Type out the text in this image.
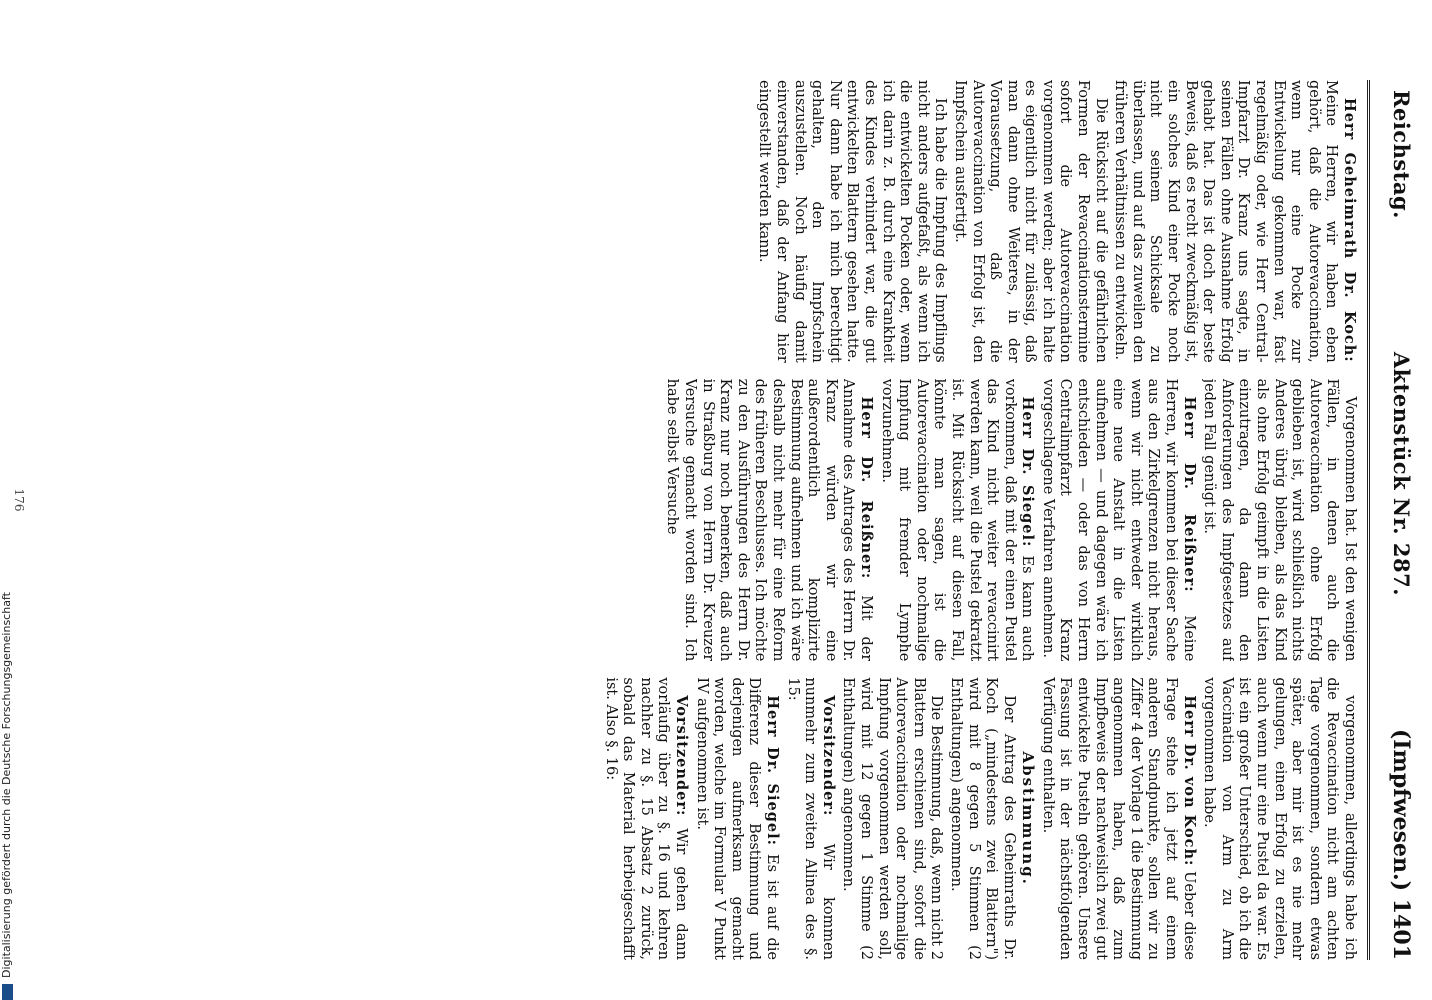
Digitalisierung gefördert durch die Deutsche Forschungsgemeinschaft
Reichstag.
Aktenstück Nr. 287.
(Impfwesen.) 1401

Herr Geheimrath Dr. Koch: Meine Herren, wir haben eben gehört, daß die Autorevaccination, wenn nur eine Pocke zur Entwickelung gekommen war, fast regelmäßig oder, wie Herr Central-Impfarzt Dr. Kranz uns sagte, in seinen Fällen ohne Ausnahme Erfolg gehabt hat. Das ist doch der beste Beweis, daß es recht zweckmäßig ist, ein solches Kind einer Pocke noch nicht seinem Schicksale zu überlassen, und auf das zuweilen den früheren Verhältnissen zu entwickeln.

Die Rücksicht auf die gefährlichen Formen der Revaccinationstermine sofort die Autorevaccination vorgenommen werden; aber ich halte es eigentlich nicht für zulässig, daß man dann ohne Weiteres, in der Voraussetzung, daß die Autorevaccination von Erfolg ist, den Impfschein ausfertigt.

Ich habe die Impfung des Impflings nicht anders aufgefaßt, als wenn ich die entwickelten Pocken oder, wenn ich darin z. B. durch eine Krankheit des Kindes verhindert war, die gut entwickelten Blattern gesehen hatte. Nur dann habe ich mich berechtigt gehalten, den Impfschein auszustellen. Noch häufig damit einverstanden, daß der Anfang hier eingestellt werden kann.

Vorgenommen hat. Ist den wenigen Fällen, in denen auch die Autorevaccination ohne Erfolg geblieben ist, wird schließlich nichts Anderes übrig bleiben, als das Kind als ohne Erfolg geimpft in die Listen einzutragen, da dann den Anforderungen des Impfgesetzes auf jeden Fall genügt ist.

Herr Dr. Reißner: Meine Herren, wir kommen bei dieser Sache aus den Zirkelgrenzen nicht heraus, wenn wir nicht entweder wirklich eine neue Anstalt in die Listen aufnehmen — und dagegen wäre ich entschieden — oder das von Herrn Centralimpfarzt Kranz vorgeschlagene Verfahren annehmen.

Herr Dr. Siegel: Es kann auch vorkommen, daß mit der einen Pustel das Kind nicht weiter revaccinirt werden kann, weil die Pustel gekratzt ist. Mit Rücksicht auf diesen Fall, könnte man sagen, ist die Autorevaccination oder nochmalige Impfung mit fremder Lymphe vorzunehmen.

Herr Dr. Reißner: Mit der Annahme des Antrages des Herrn Dr. Kranz würden wir eine außerordentlich komplizirte Bestimmung aufnehmen und ich wäre deshalb nicht mehr für eine Reform des früheren Beschlusses. Ich möchte zu den Ausführungen des Herrn Dr. Kranz nur noch bemerken, daß auch in Straßburg von Herrn Dr. Kreuzer Versuche gemacht worden sind. Ich habe selbst Versuche

vorgenommen, allerdings habe ich die Revaccination nicht am achten Tage vorgenommen, sondern etwas später, aber mir ist es nie mehr gelungen, einen Erfolg zu erzielen, auch wenn nur eine Pustel da war. Es ist ein großer Unterschied, ob ich die Vaccination von Arm zu Arm vorgenommen habe.

Herr Dr. von Koch: Ueber diese Frage stehe ich jetzt auf einem anderen Standpunkte, sollen wir zu Ziffer 4 der Vorlage 1 die Bestimmung angenommen haben, daß zum Impfbeweis der nachweislich zwei gut entwickelte Pusteln gehören. Unsere Fassung ist in der nächstfolgenden Verfügung enthalten.

Abstimmung.

Der Antrag des Geheimraths Dr. Koch („mindestens zwei Blattern") wird mit 8 gegen 5 Stimmen (2 Enthaltungen) angenommen.

Die Bestimmung, daß, wenn nicht 2 Blattern erschienen sind, sofort die Autorevaccination oder nochmalige Impfung vorgenommen werden soll, wird mit 12 gegen 1 Stimme (2 Enthaltungen) angenommen.

Vorsitzender: Wir kommen nunmehr zum zweiten Alinea des §. 15:

Herr Dr. Siegel: Es ist auf die Differenz dieser Bestimmung und derjenigen aufmerksam gemacht worden, welche im Formular V Punkt IV aufgenommen ist.

Vorsitzender: Wir gehen dann vorläufig über zu §. 16 und kehren nachher zu §. 15 Absatz 2 zurück, sobald das Material herbeigeschafft ist. Also §. 16:

176
